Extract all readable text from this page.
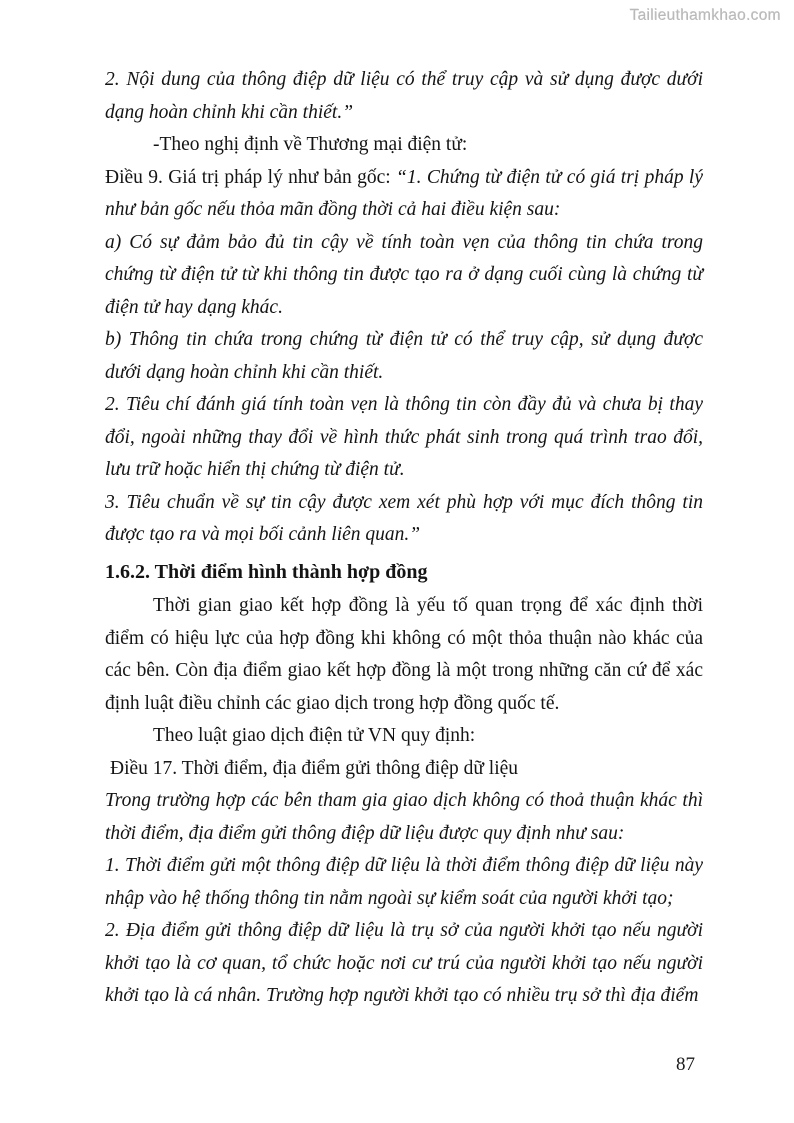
Tailieuthamkhao.com

2. Nội dung của thông điệp dữ liệu có thể truy cập và sử dụng được dưới dạng hoàn chỉnh khi cần thiết.”

-Theo nghị định về Thương mại điện tử:

Điều 9. Giá trị pháp lý như bản gốc: “1. Chứng từ điện tử có giá trị pháp lý như bản gốc nếu thỏa mãn đồng thời cả hai điều kiện sau:

a) Có sự đảm bảo đủ tin cậy về tính toàn vẹn của thông tin chứa trong chứng từ điện tử từ khi thông tin được tạo ra ở dạng cuối cùng là chứng từ điện tử hay dạng khác.

b) Thông tin chứa trong chứng từ điện tử có thể truy cập, sử dụng được dưới dạng hoàn chỉnh khi cần thiết.

2. Tiêu chí đánh giá tính toàn vẹn là thông tin còn đầy đủ và chưa bị thay đổi, ngoài những thay đổi về hình thức phát sinh trong quá trình trao đổi, lưu trữ hoặc hiển thị chứng từ điện tử.

3. Tiêu chuẩn về sự tin cậy được xem xét phù hợp với mục đích thông tin được tạo ra và mọi bối cảnh liên quan.”

1.6.2. Thời điểm hình thành hợp đồng

Thời gian giao kết hợp đồng là yếu tố quan trọng để xác định thời điểm có hiệu lực của hợp đồng khi không có một thỏa thuận nào khác của các bên. Còn địa điểm giao kết hợp đồng là một trong những căn cứ để xác định luật điều chỉnh các giao dịch trong hợp đồng quốc tế.

Theo luật giao dịch điện tử VN quy định:

Điều 17. Thời điểm, địa điểm gửi thông điệp dữ liệu

Trong trường hợp các bên tham gia giao dịch không có thoả thuận khác thì thời điểm, địa điểm gửi thông điệp dữ liệu được quy định như sau:

1. Thời điểm gửi một thông điệp dữ liệu là thời điểm thông điệp dữ liệu này nhập vào hệ thống thông tin nằm ngoài sự kiểm soát của người khởi tạo;

2. Địa điểm gửi thông điệp dữ liệu là trụ sở của người khởi tạo nếu người khởi tạo là cơ quan, tổ chức hoặc nơi cư trú của người khởi tạo nếu người khởi tạo là cá nhân. Trường hợp người khởi tạo có nhiều trụ sở thì địa điểm

87
